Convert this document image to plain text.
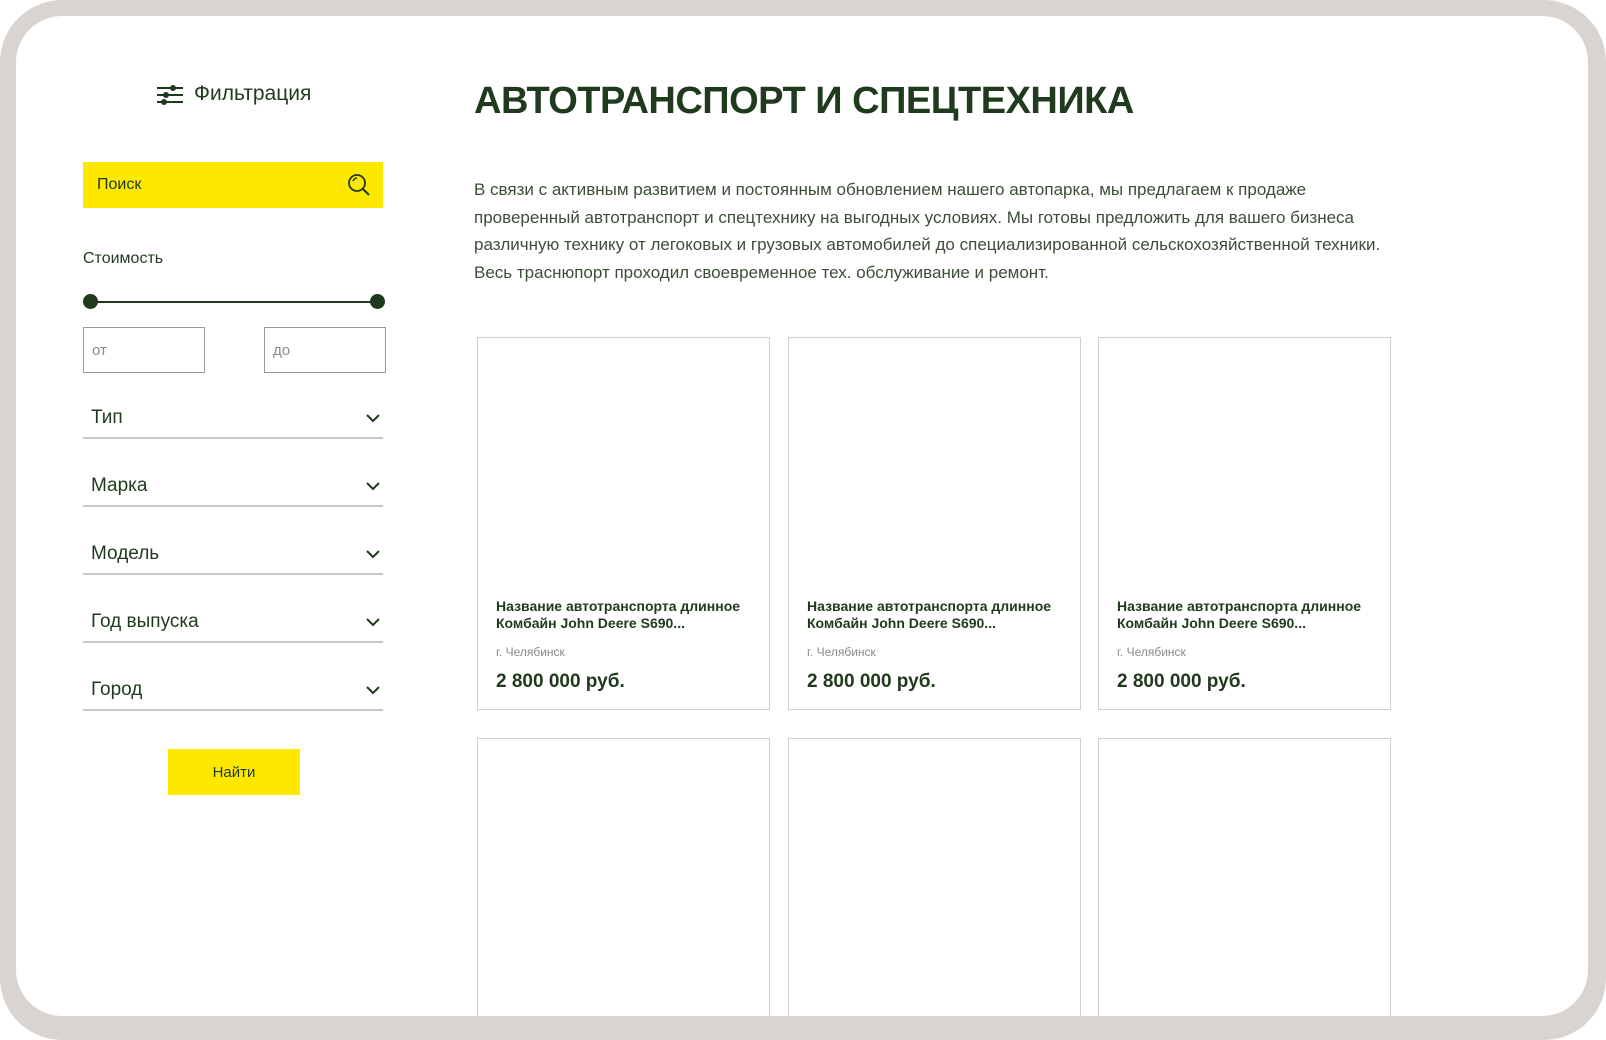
Фильтрация
Поиск
Стоимость
от
до
Тип
Марка
Модель
Год выпуска
Город
Найти
АВТОТРАНСПОРТ И СПЕЦТЕХНИКА

В связи с активным развитием и постоянным обновлением нашего автопарка, мы предлагаем к продаже проверенный автотранспорт и спецтехнику на выгодных условиях. Мы готовы предложить для вашего бизнеса различную технику от легоковых и грузовых автомобилей до специализированной сельскохозяйственной техники. Весь траснюпорт проходил своевременное тех. обслуживание и ремонт.

Название автотранспорта длинное
Комбайн John Deere S690...
г. Челябинск
2 800 000 руб.
Название автотранспорта длинное
Комбайн John Deere S690...
г. Челябинск
2 800 000 руб.
Название автотранспорта длинное
Комбайн John Deere S690...
г. Челябинск
2 800 000 руб.
